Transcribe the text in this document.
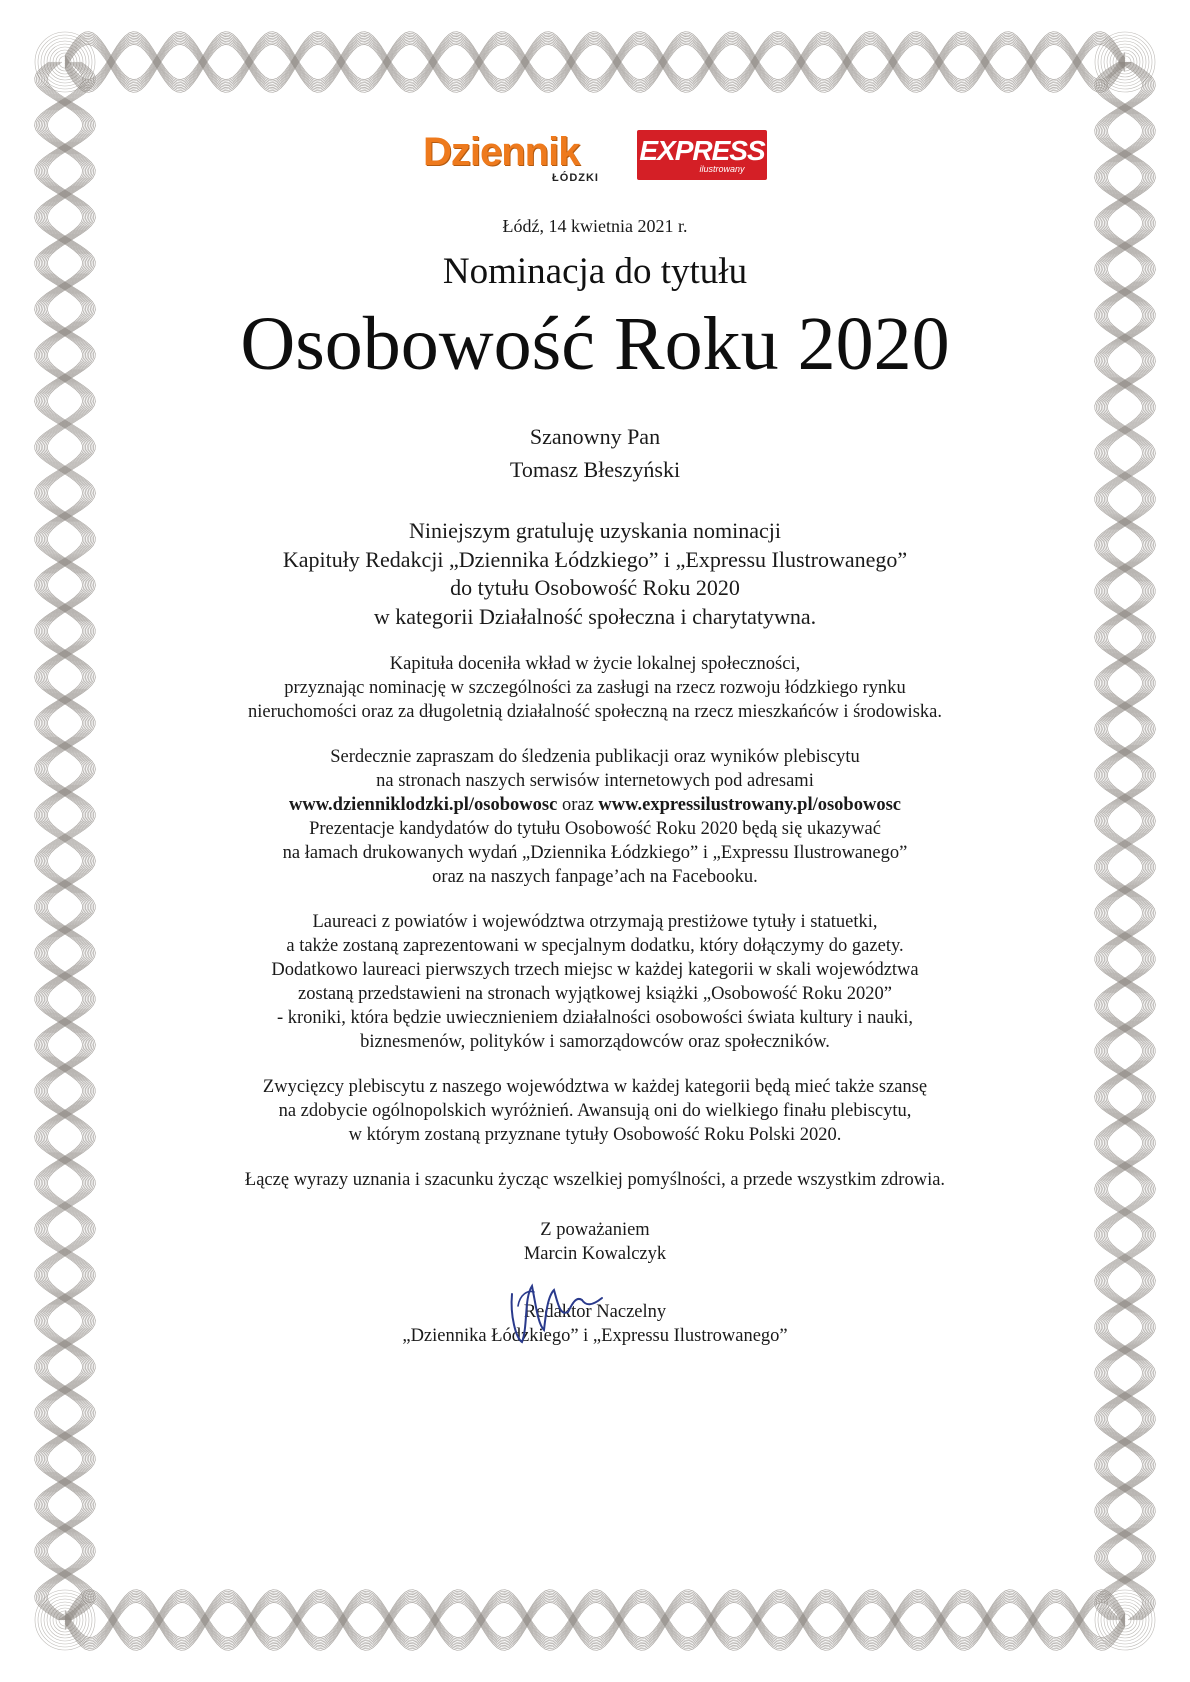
Dziennik
ŁÓDZKI
EXPRESS
ilustrowany
Łódź, 14 kwietnia 2021 r.
Nominacja do tytułu
Osobowość Roku 2020
Szanowny Pan
Tomasz Błeszyński
Niniejszym gratuluję uzyskania nominacji
Kapituły Redakcji „Dziennika Łódzkiego” i „Expressu Ilustrowanego”
do tytułu Osobowość Roku 2020
w kategorii Działalność społeczna i charytatywna.
Kapituła doceniła wkład w życie lokalnej społeczności,
przyznając nominację w szczególności za zasługi na rzecz rozwoju łódzkiego rynku
nieruchomości oraz za długoletnią działalność społeczną na rzecz mieszkańców i środowiska.
Serdecznie zapraszam do śledzenia publikacji oraz wyników plebiscytu
na stronach naszych serwisów internetowych pod adresami
www.dzienniklodzki.pl/osobowosc oraz www.expressilustrowany.pl/osobowosc
Prezentacje kandydatów do tytułu Osobowość Roku 2020 będą się ukazywać
na łamach drukowanych wydań „Dziennika Łódzkiego” i „Expressu Ilustrowanego”
oraz na naszych fanpage’ach na Facebooku.
Laureaci z powiatów i województwa otrzymają prestiżowe tytuły i statuetki,
a także zostaną zaprezentowani w specjalnym dodatku, który dołączymy do gazety.
Dodatkowo laureaci pierwszych trzech miejsc w każdej kategorii w skali województwa
zostaną przedstawieni na stronach wyjątkowej książki „Osobowość Roku 2020”
- kroniki, która będzie uwiecznieniem działalności osobowości świata kultury i nauki,
biznesmenów, polityków i samorządowców oraz społeczników.
Zwycięzcy plebiscytu z naszego województwa w każdej kategorii będą mieć także szansę
na zdobycie ogólnopolskich wyróżnień. Awansują oni do wielkiego finału plebiscytu,
w którym zostaną przyznane tytuły Osobowość Roku Polski 2020.
Łączę wyrazy uznania i szacunku życząc wszelkiej pomyślności, a przede wszystkim zdrowia.
Z poważaniem
Marcin Kowalczyk
Redaktor Naczelny
„Dziennika Łódzkiego” i „Expressu Ilustrowanego”
